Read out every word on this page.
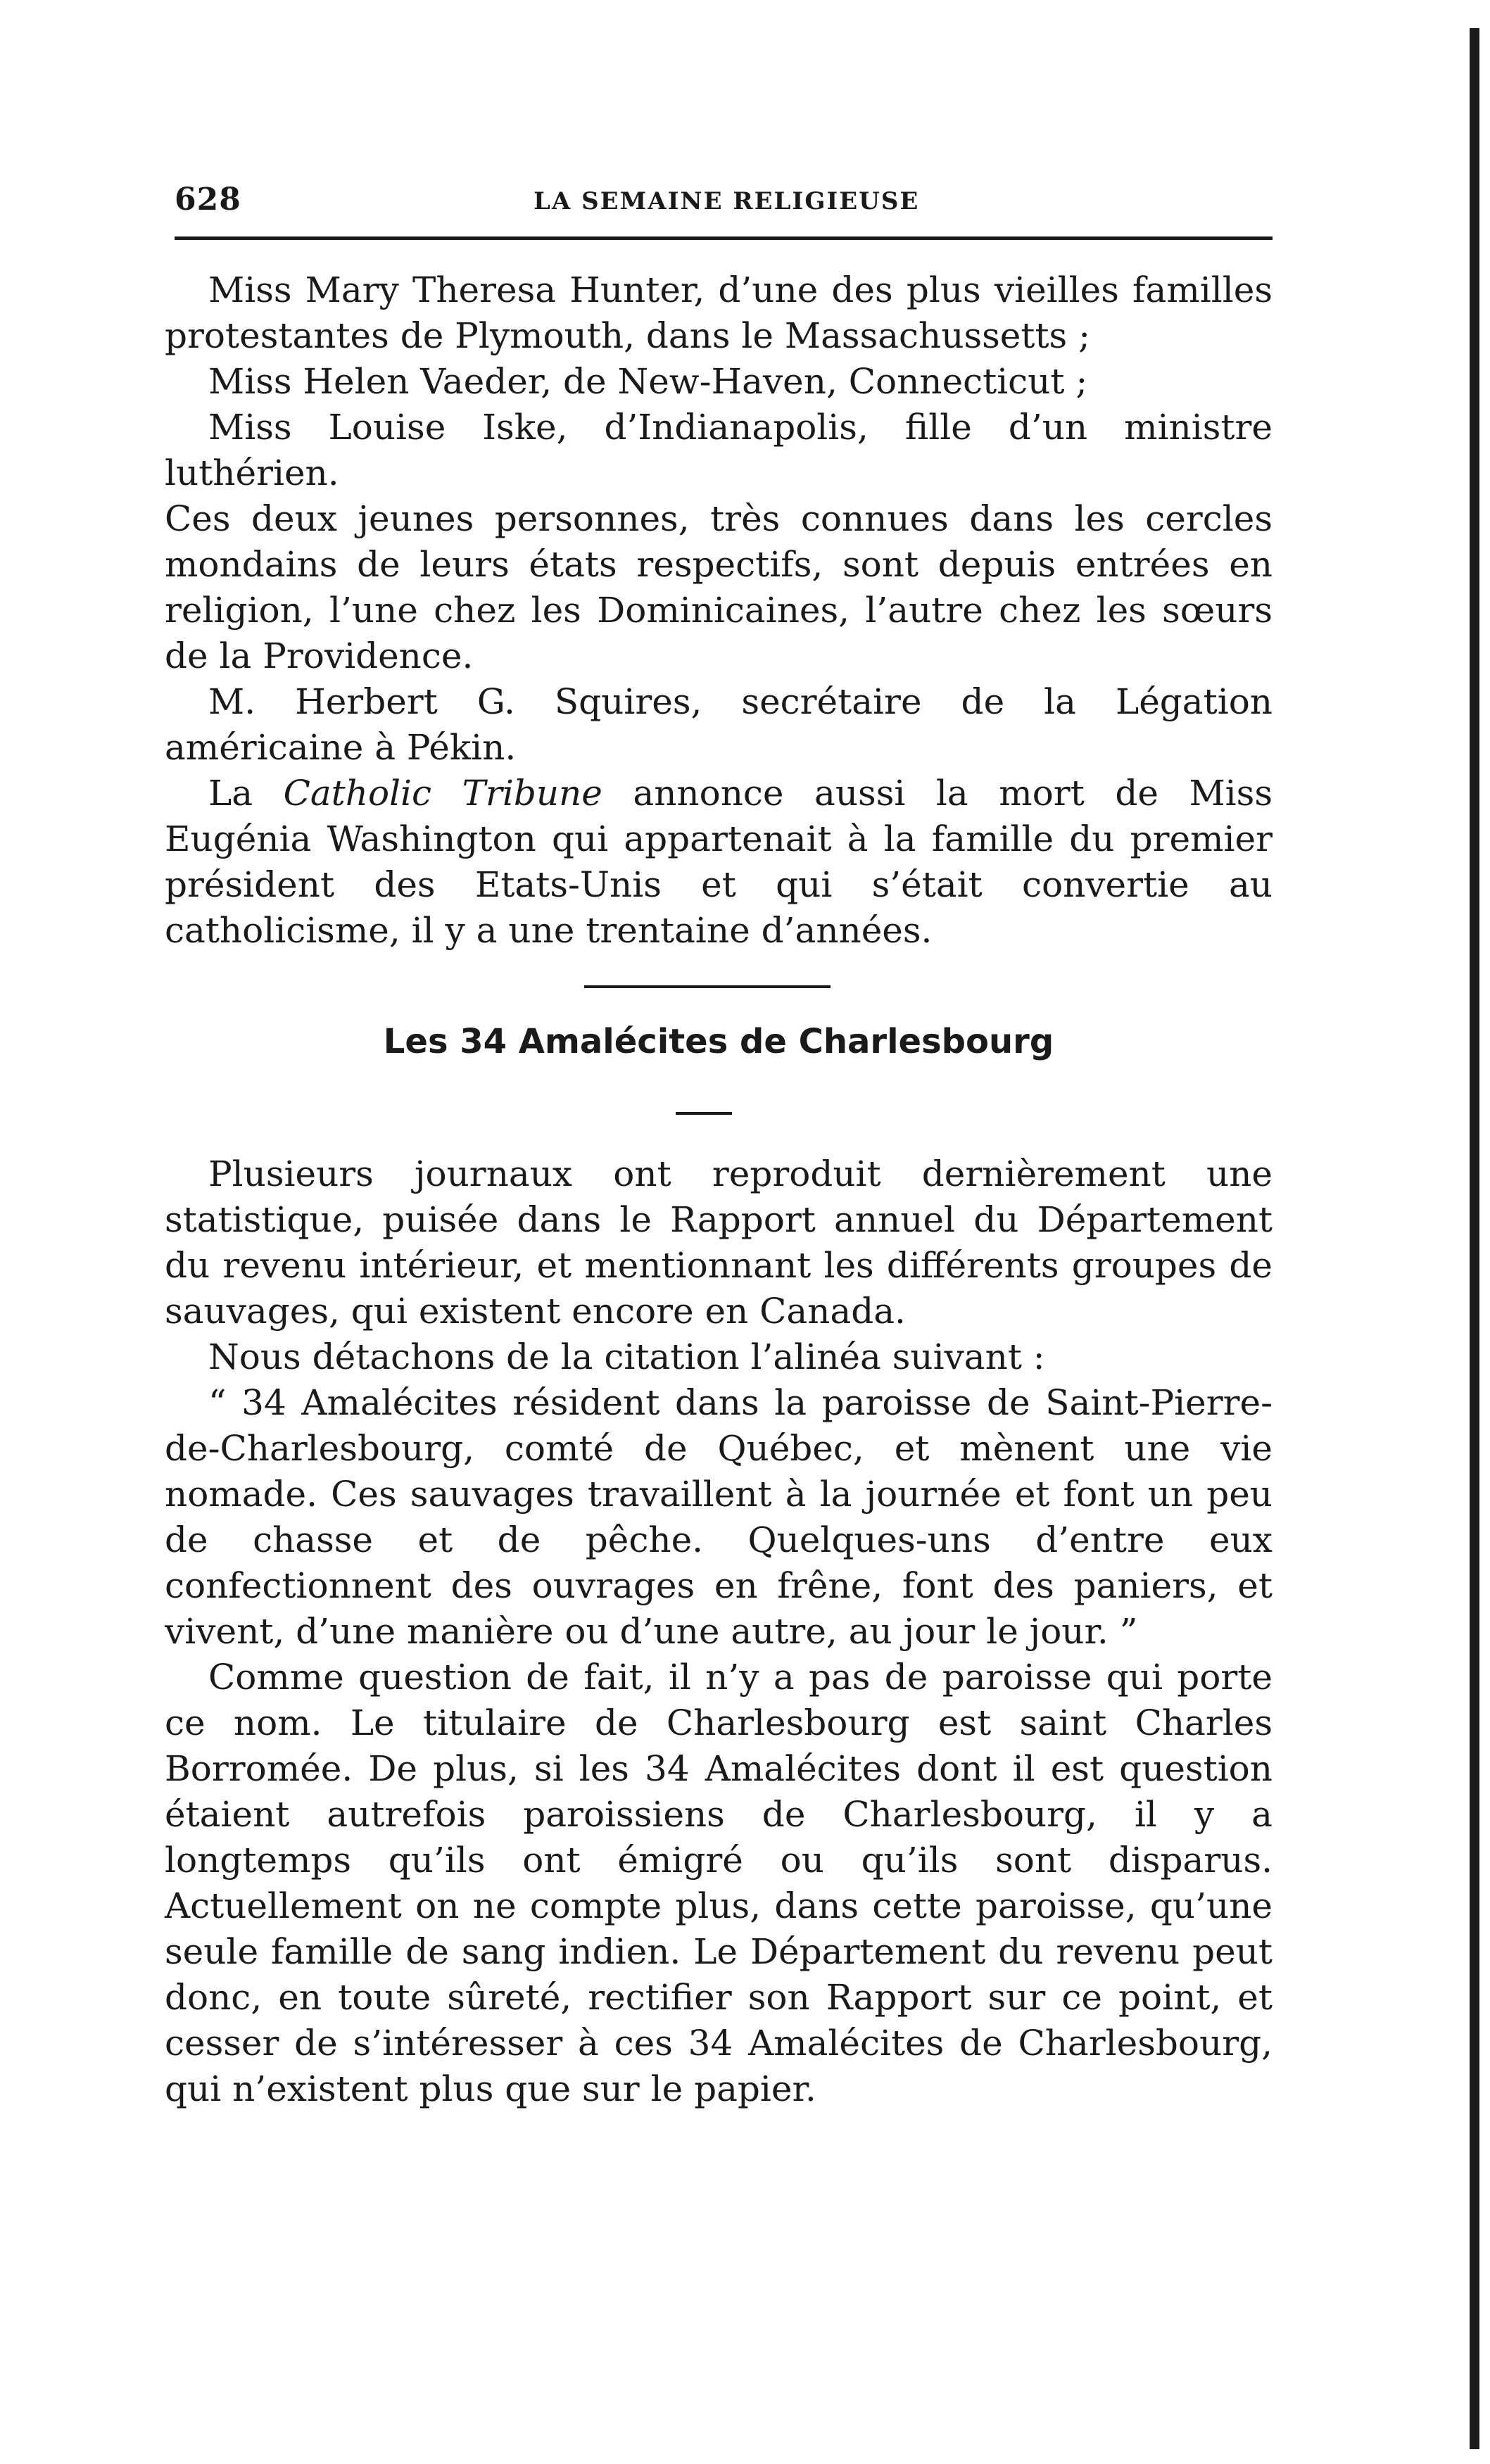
628	LA SEMAINE RELIGIEUSE

Miss Mary Theresa Hunter, d’une des plus vieilles familles protestantes de Plymouth, dans le Massachussetts ;

Miss Helen Vaeder, de New-Haven, Connecticut ;

Miss Louise Iske, d’Indianapolis, fille d’un ministre luthérien.

Ces deux jeunes personnes, très connues dans les cercles mondains de leurs états respectifs, sont depuis entrées en religion, l’une chez les Dominicaines, l’autre chez les sœurs de la Providence.

M. Herbert G. Squires, secrétaire de la Légation américaine à Pékin.

La Catholic Tribune annonce aussi la mort de Miss Eugénia Washington qui appartenait à la famille du premier président des Etats-Unis et qui s’était convertie au catholicisme, il y a une trentaine d’années.

Les 34 Amalécites de Charlesbourg

Plusieurs journaux ont reproduit dernièrement une statistique, puisée dans le Rapport annuel du Département du revenu intérieur, et mentionnant les différents groupes de sauvages, qui existent encore en Canada.

Nous détachons de la citation l’alinéa suivant :

“ 34 Amalécites résident dans la paroisse de Saint-Pierre-de-Charlesbourg, comté de Québec, et mènent une vie nomade. Ces sauvages travaillent à la journée et font un peu de chasse et de pêche. Quelques-uns d’entre eux confectionnent des ouvrages en frêne, font des paniers, et vivent, d’une manière ou d’une autre, au jour le jour. ”

Comme question de fait, il n’y a pas de paroisse qui porte ce nom. Le titulaire de Charlesbourg est saint Charles Borromée. De plus, si les 34 Amalécites dont il est question étaient autrefois paroissiens de Charlesbourg, il y a longtemps qu’ils ont émigré ou qu’ils sont disparus. Actuellement on ne compte plus, dans cette paroisse, qu’une seule famille de sang indien. Le Département du revenu peut donc, en toute sûreté, rectifier son Rapport sur ce point, et cesser de s’intéresser à ces 34 Amalécites de Charlesbourg, qui n’existent plus que sur le papier.
